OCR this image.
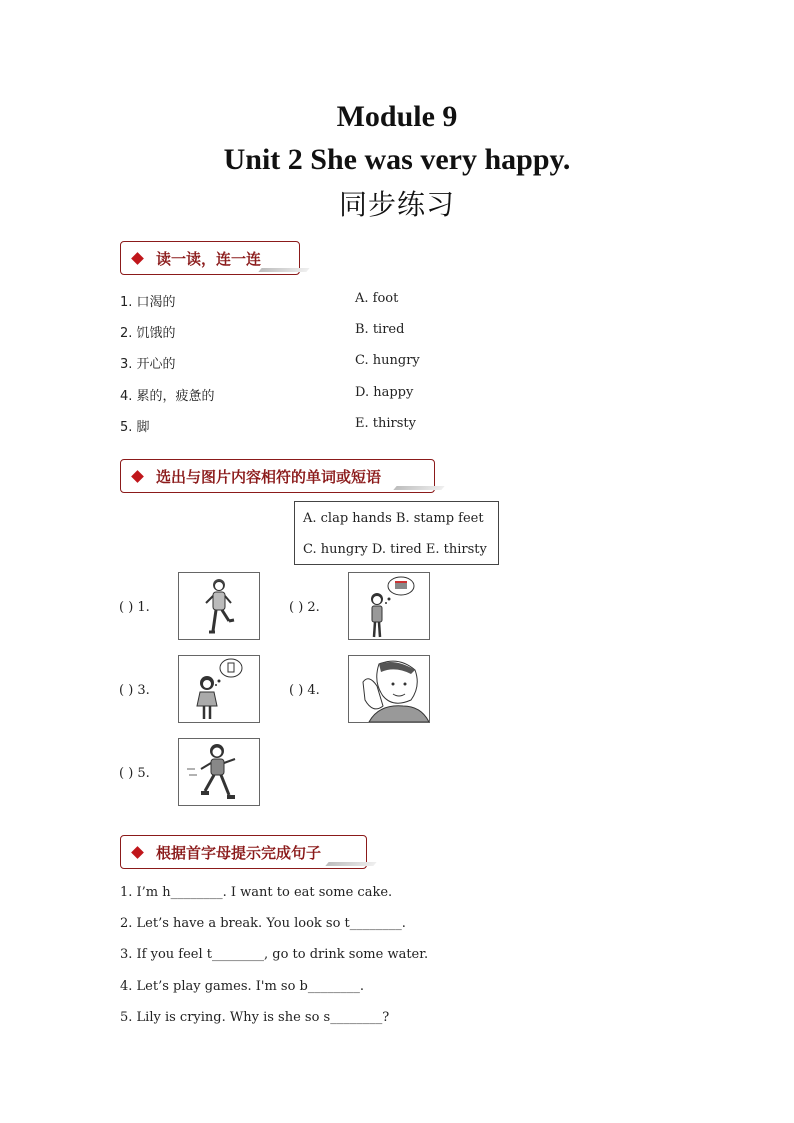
Module 9
Unit 2 She was very happy.
同步练习
读一读，连一连
1. 口渴的
2. 饥饿的
3. 开心的
4. 累的，疲惫的
5. 脚
A. foot
B. tired
C. hungry
D. happy
E. thirsty
选出与图片内容相符的单词或短语
A. clap hands B. stamp feet
C. hungry D. tired E. thirsty
( ) 1.	( ) 2.
( ) 3.	( ) 4.
( ) 5.
根据首字母提示完成句子
1. I’m h________. I want to eat some cake.
2. Let’s have a break. You look so t________.
3. If you feel t________, go to drink some water.
4. Let’s play games. I'm so b________.
5. Lily is crying. Why is she so s________?
